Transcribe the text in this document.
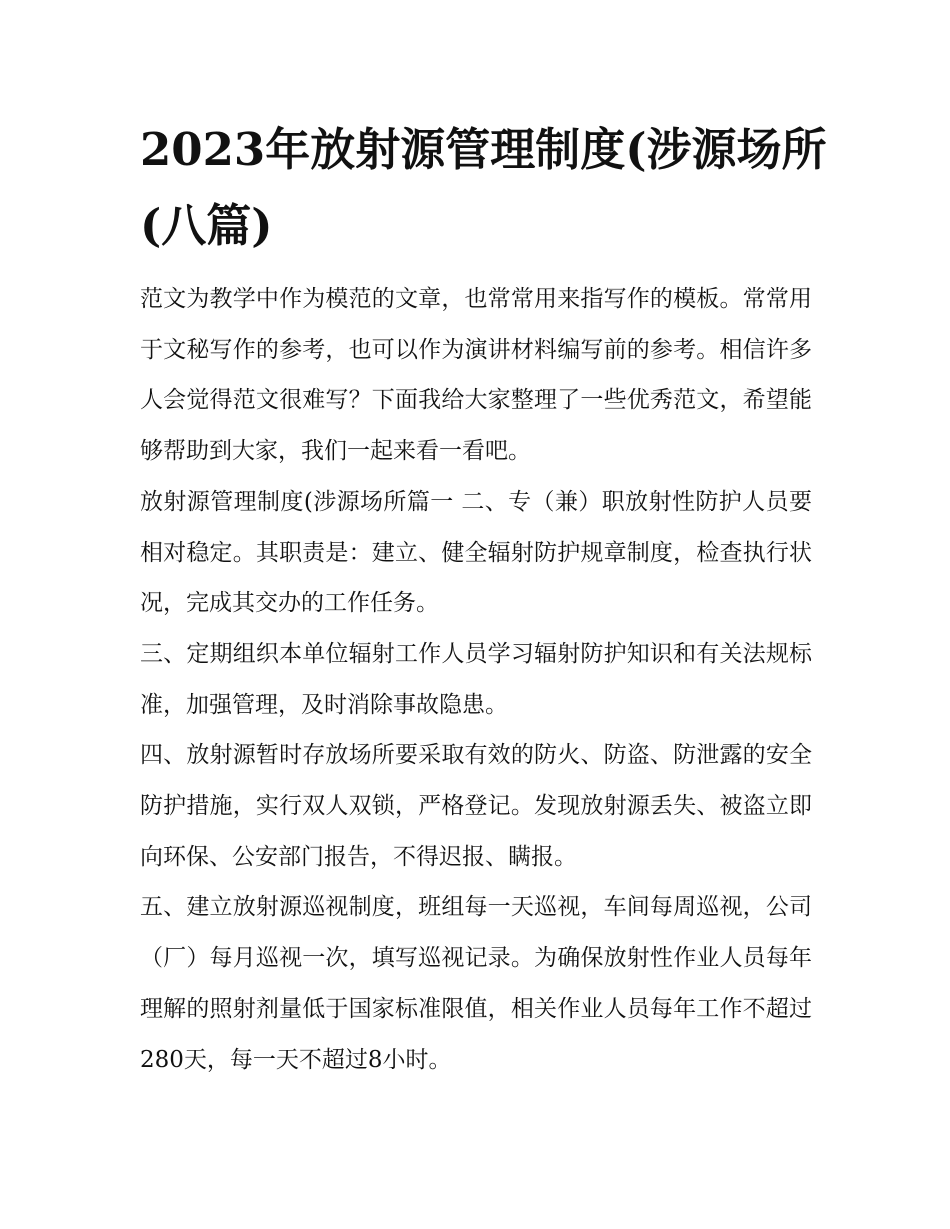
2023年放射源管理制度(涉源场所(八篇)

范文为教学中作为模范的文章，也常常用来指写作的模板。常常用于文秘写作的参考，也可以作为演讲材料编写前的参考。相信许多人会觉得范文很难写？下面我给大家整理了一些优秀范文，希望能够帮助到大家，我们一起来看一看吧。

放射源管理制度(涉源场所篇一 二、专（兼）职放射性防护人员要相对稳定。其职责是：建立、健全辐射防护规章制度，检查执行状况，完成其交办的工作任务。

三、定期组织本单位辐射工作人员学习辐射防护知识和有关法规标准，加强管理，及时消除事故隐患。

四、放射源暂时存放场所要采取有效的防火、防盗、防泄露的安全防护措施，实行双人双锁，严格登记。发现放射源丢失、被盗立即向环保、公安部门报告，不得迟报、瞒报。

五、建立放射源巡视制度，班组每一天巡视，车间每周巡视，公司（厂）每月巡视一次，填写巡视记录。为确保放射性作业人员每年理解的照射剂量低于国家标准限值，相关作业人员每年工作不超过280天，每一天不超过8小时。
